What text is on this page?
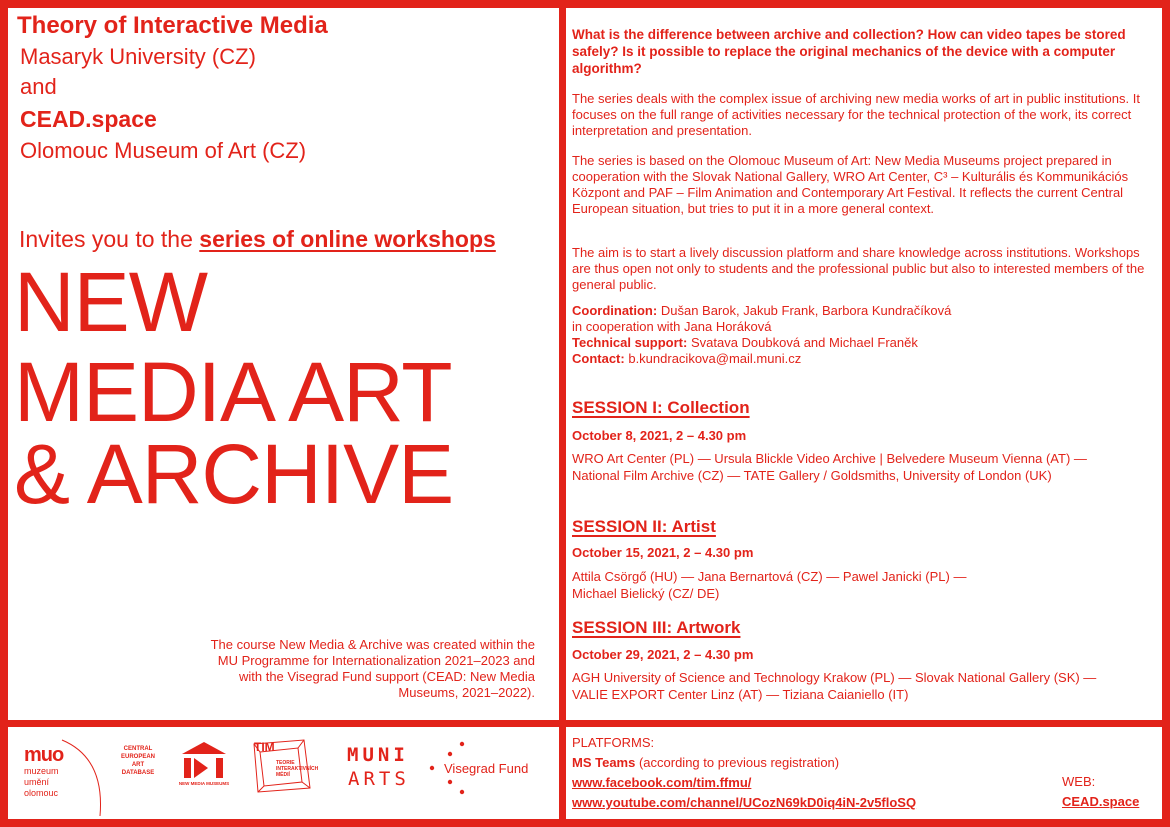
Theory of Interactive Media
Masaryk University (CZ)
and
CEAD.space
Olomouc Museum of Art (CZ)
Invites you to the series of online workshops
NEW
MEDIA ART
& ARCHIVE
The course New Media & Archive was created within the MU Programme for Internationalization 2021–2023 and with the Visegrad Fund support (CEAD: New Media Museums, 2021–2022).
muo
muzeum
umění
olomouc
CENTRAL
EUROPEAN
ART
DATABASE
NEW MEDIA MUSEUMS
TIM
TEORIE
INTERAKTIVNÍCH
MÉDIÍ
MUNI
ARTS	Visegrad Fund

What is the difference between archive and collection? How can video tapes be stored safely? Is it possible to replace the original mechanics of the device with a computer algorithm?

The series deals with the complex issue of archiving new media works of art in public institutions. It focuses on the full range of activities necessary for the technical protection of the work, its correct interpretation and presentation.

The series is based on the Olomouc Museum of Art: New Media Museums project prepared in cooperation with the Slovak National Gallery, WRO Art Center, C³ – Kulturális és Kommunikációs Központ and PAF – Film Animation and Contemporary Art Festival. It reflects the current Central European situation, but tries to put it in a more general context.

The aim is to start a lively discussion platform and share knowledge across institutions. Workshops are thus open not only to students and the professional public but also to interested members of the general public.

Coordination: Dušan Barok, Jakub Frank, Barbora Kundračíková
in cooperation with Jana Horáková
Technical support: Svatava Doubková and Michael Franěk
Contact: b.kundracikova@mail.muni.cz
SESSION I: Collection
October 8, 2021, 2 – 4.30 pm
WRO Art Center (PL) — Ursula Blickle Video Archive | Belvedere Museum Vienna (AT) — National Film Archive (CZ) — TATE Gallery / Goldsmiths, University of London (UK)
SESSION II: Artist
October 15, 2021, 2 – 4.30 pm
Attila Csörgő (HU) — Jana Bernartová (CZ) — Pawel Janicki (PL) — Michael Bielický (CZ/ DE)
SESSION III: Artwork
October 29, 2021, 2 – 4.30 pm
AGH University of Science and Technology Krakow (PL) — Slovak National Gallery (SK) — VALIE EXPORT Center Linz (AT) — Tiziana Caianiello (IT)
PLATFORMS:
MS Teams (according to previous registration)
www.facebook.com/tim.ffmu/
www.youtube.com/channel/UCozN69kD0iq4iN-2v5floSQ
WEB:
CEAD.space
